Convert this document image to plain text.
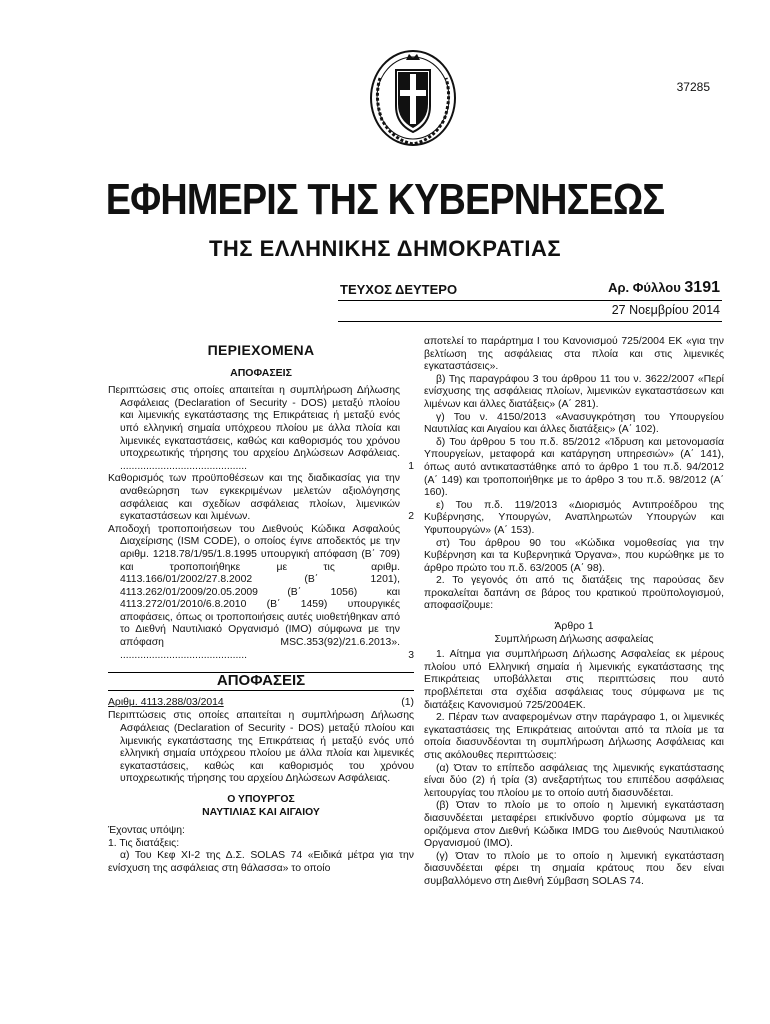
37285
ΕΦΗΜΕΡΙΣ ΤΗΣ ΚΥΒΕΡΝΗΣΕΩΣ
ΤΗΣ ΕΛΛΗΝΙΚΗΣ ΔΗΜΟΚΡΑΤΙΑΣ
ΤΕΥΧΟΣ ΔΕΥΤΕΡΟ	Αρ. Φύλλου 3191
27 Νοεμβρίου 2014
ΠΕΡΙΕΧΟΜΕΝΑ
ΑΠΟΦΑΣΕΙΣ
Περιπτώσεις στις οποίες απαιτείται η συμπλήρωση Δήλωσης Ασφάλειας (Declaration of Security - DOS) μεταξύ πλοίου και λιμενικής εγκατάστασης της Επικράτειας ή μεταξύ ενός υπό ελληνική σημαία υπόχρεου πλοίου με άλλα πλοία και λιμενικές εγκαταστάσεις, καθώς και καθορισμός του χρόνου υποχρεωτικής τήρησης του αρχείου Δηλώσεων Ασφάλειας. ............................................	1
Καθορισμός των προϋποθέσεων και της διαδικασίας για την αναθεώρηση των εγκεκριμένων μελετών αξιολόγησης ασφάλειας και σχεδίων ασφάλειας πλοίων, λιμενικών εγκαταστάσεων και λιμένων.	2
Αποδοχή τροποποιήσεων του Διεθνούς Κώδικα Ασφαλούς Διαχείρισης (ISM CODE), ο οποίος έγινε αποδεκτός με την αριθμ. 1218.78/1/95/1.8.1995 υπουργική απόφαση (Β΄ 709) και τροποποιήθηκε με τις αριθμ. 4113.166/01/2002/27.8.2002 (Β΄ 1201), 4113.262/01/2009/20.05.2009 (Β΄ 1056) και 4113.272/01/2010/6.8.2010 (Β΄ 1459) υπουργικές αποφάσεις, όπως οι τροποποιήσεις αυτές υιοθετήθηκαν από το Διεθνή Ναυτιλιακό Οργανισμό (IMO) σύμφωνα με την απόφαση MSC.353(92)/21.6.2013». ............................................	3
ΑΠΟΦΑΣΕΙΣ
Αριθμ. 4113.288/03/2014	(1)
Περιπτώσεις στις οποίες απαιτείται η συμπλήρωση Δήλωσης Ασφάλειας (Declaration of Security - DOS) μεταξύ πλοίου και λιμενικής εγκατάστασης της Επικράτειας ή μεταξύ ενός υπό ελληνική σημαία υπόχρεου πλοίου με άλλα πλοία και λιμενικές εγκαταστάσεις, καθώς και καθορισμός του χρόνου υποχρεωτικής τήρησης του αρχείου Δηλώσεων Ασφάλειας.
Ο ΥΠΟΥΡΓΟΣ
ΝΑΥΤΙΛΙΑΣ ΚΑΙ ΑΙΓΑΙΟΥ
Έχοντας υπόψη:
1. Τις διατάξεις:

α) Του Κεφ ΧΙ-2 της Δ.Σ. SOLAS 74 «Ειδικά μέτρα για την ενίσχυση της ασφάλειας στη θάλασσα» το οποίο

αποτελεί το παράρτημα Ι του Κανονισμού 725/2004 ΕΚ «για την βελτίωση της ασφάλειας στα πλοία και στις λιμενικές εγκαταστάσεις».

β) Της παραγράφου 3 του άρθρου 11 του ν. 3622/2007 «Περί ενίσχυσης της ασφάλειας πλοίων, λιμενικών εγκαταστάσεων και λιμένων και άλλες διατάξεις» (Α΄ 281).

γ) Του ν. 4150/2013 «Ανασυγκρότηση του Υπουργείου Ναυτιλίας και Αιγαίου και άλλες διατάξεις» (Α΄ 102).

δ) Του άρθρου 5 του π.δ. 85/2012 «Ίδρυση και μετονομασία Υπουργείων, μεταφορά και κατάργηση υπηρεσιών» (Α΄ 141), όπως αυτό αντικαταστάθηκε από το άρθρο 1 του π.δ. 94/2012 (Α΄ 149) και τροποποιήθηκε με το άρθρο 3 του π.δ. 98/2012 (Α΄ 160).

ε) Του π.δ. 119/2013 «Διορισμός Αντιπροέδρου της Κυβέρνησης, Υπουργών, Αναπληρωτών Υπουργών και Υφυπουργών» (Α΄ 153).

στ) Του άρθρου 90 του «Κώδικα νομοθεσίας για την Κυβέρνηση και τα Κυβερνητικά Όργανα», που κυρώθηκε με το άρθρο πρώτο του π.δ. 63/2005 (Α΄ 98).

2. Το γεγονός ότι από τις διατάξεις της παρούσας δεν προκαλείται δαπάνη σε βάρος του κρατικού προϋπολογισμού, αποφασίζουμε:

Άρθρο 1
Συμπλήρωση Δήλωσης ασφαλείας

1. Αίτημα για συμπλήρωση Δήλωσης Ασφαλείας εκ μέρους πλοίου υπό Ελληνική σημαία ή λιμενικής εγκατάστασης της Επικράτειας υποβάλλεται στις περιπτώσεις που αυτό προβλέπεται στα σχέδια ασφάλειας τους σύμφωνα με τις διατάξεις Κανονισμού 725/2004ΕΚ.

2. Πέραν των αναφερομένων στην παράγραφο 1, οι λιμενικές εγκαταστάσεις της Επικράτειας αιτούνται από τα πλοία με τα οποία διασυνδέονται τη συμπλήρωση Δήλωσης Ασφάλειας και στις ακόλουθες περιπτώσεις:

(α) Όταν το επίπεδο ασφάλειας της λιμενικής εγκατάστασης είναι δύο (2) ή τρία (3) ανεξαρτήτως του επιπέδου ασφάλειας λειτουργίας του πλοίου με το οποίο αυτή διασυνδέεται.

(β) Όταν το πλοίο με το οποίο η λιμενική εγκατάσταση διασυνδέεται μεταφέρει επικίνδυνο φορτίο σύμφωνα με τα οριζόμενα στον Διεθνή Κώδικα IMDG του Διεθνούς Ναυτιλιακού Οργανισμού (IMO).

(γ) Όταν το πλοίο με το οποίο η λιμενική εγκατάσταση διασυνδέεται φέρει τη σημαία κράτους που δεν είναι συμβαλλόμενο στη Διεθνή Σύμβαση SOLAS 74.
